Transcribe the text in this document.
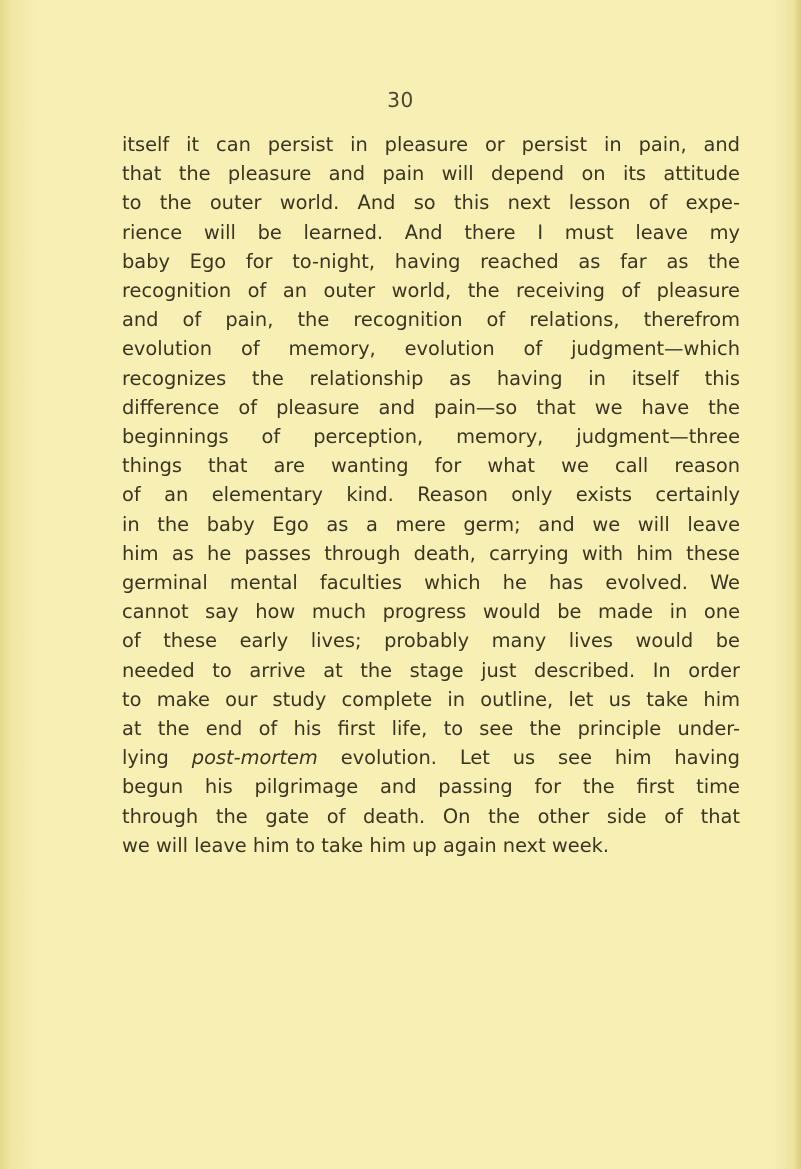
30
itself it can persist in pleasure or persist in pain, and
that the pleasure and pain will depend on its attitude
to the outer world. And so this next lesson of expe-
rience will be learned. And there I must leave my
baby Ego for to-night, having reached as far as the
recognition of an outer world, the receiving of pleasure
and of pain, the recognition of relations, therefrom
evolution of memory, evolution of judgment—which
recognizes the relationship as having in itself this
difference of pleasure and pain—so that we have the
beginnings of perception, memory, judgment—three
things that are wanting for what we call reason
of an elementary kind. Reason only exists certainly
in the baby Ego as a mere germ; and we will leave
him as he passes through death, carrying with him these
germinal mental faculties which he has evolved. We
cannot say how much progress would be made in one
of these early lives; probably many lives would be
needed to arrive at the stage just described. In order
to make our study complete in outline, let us take him
at the end of his first life, to see the principle under-
lying post-mortem evolution. Let us see him having
begun his pilgrimage and passing for the first time
through the gate of death. On the other side of that
we will leave him to take him up again next week.
